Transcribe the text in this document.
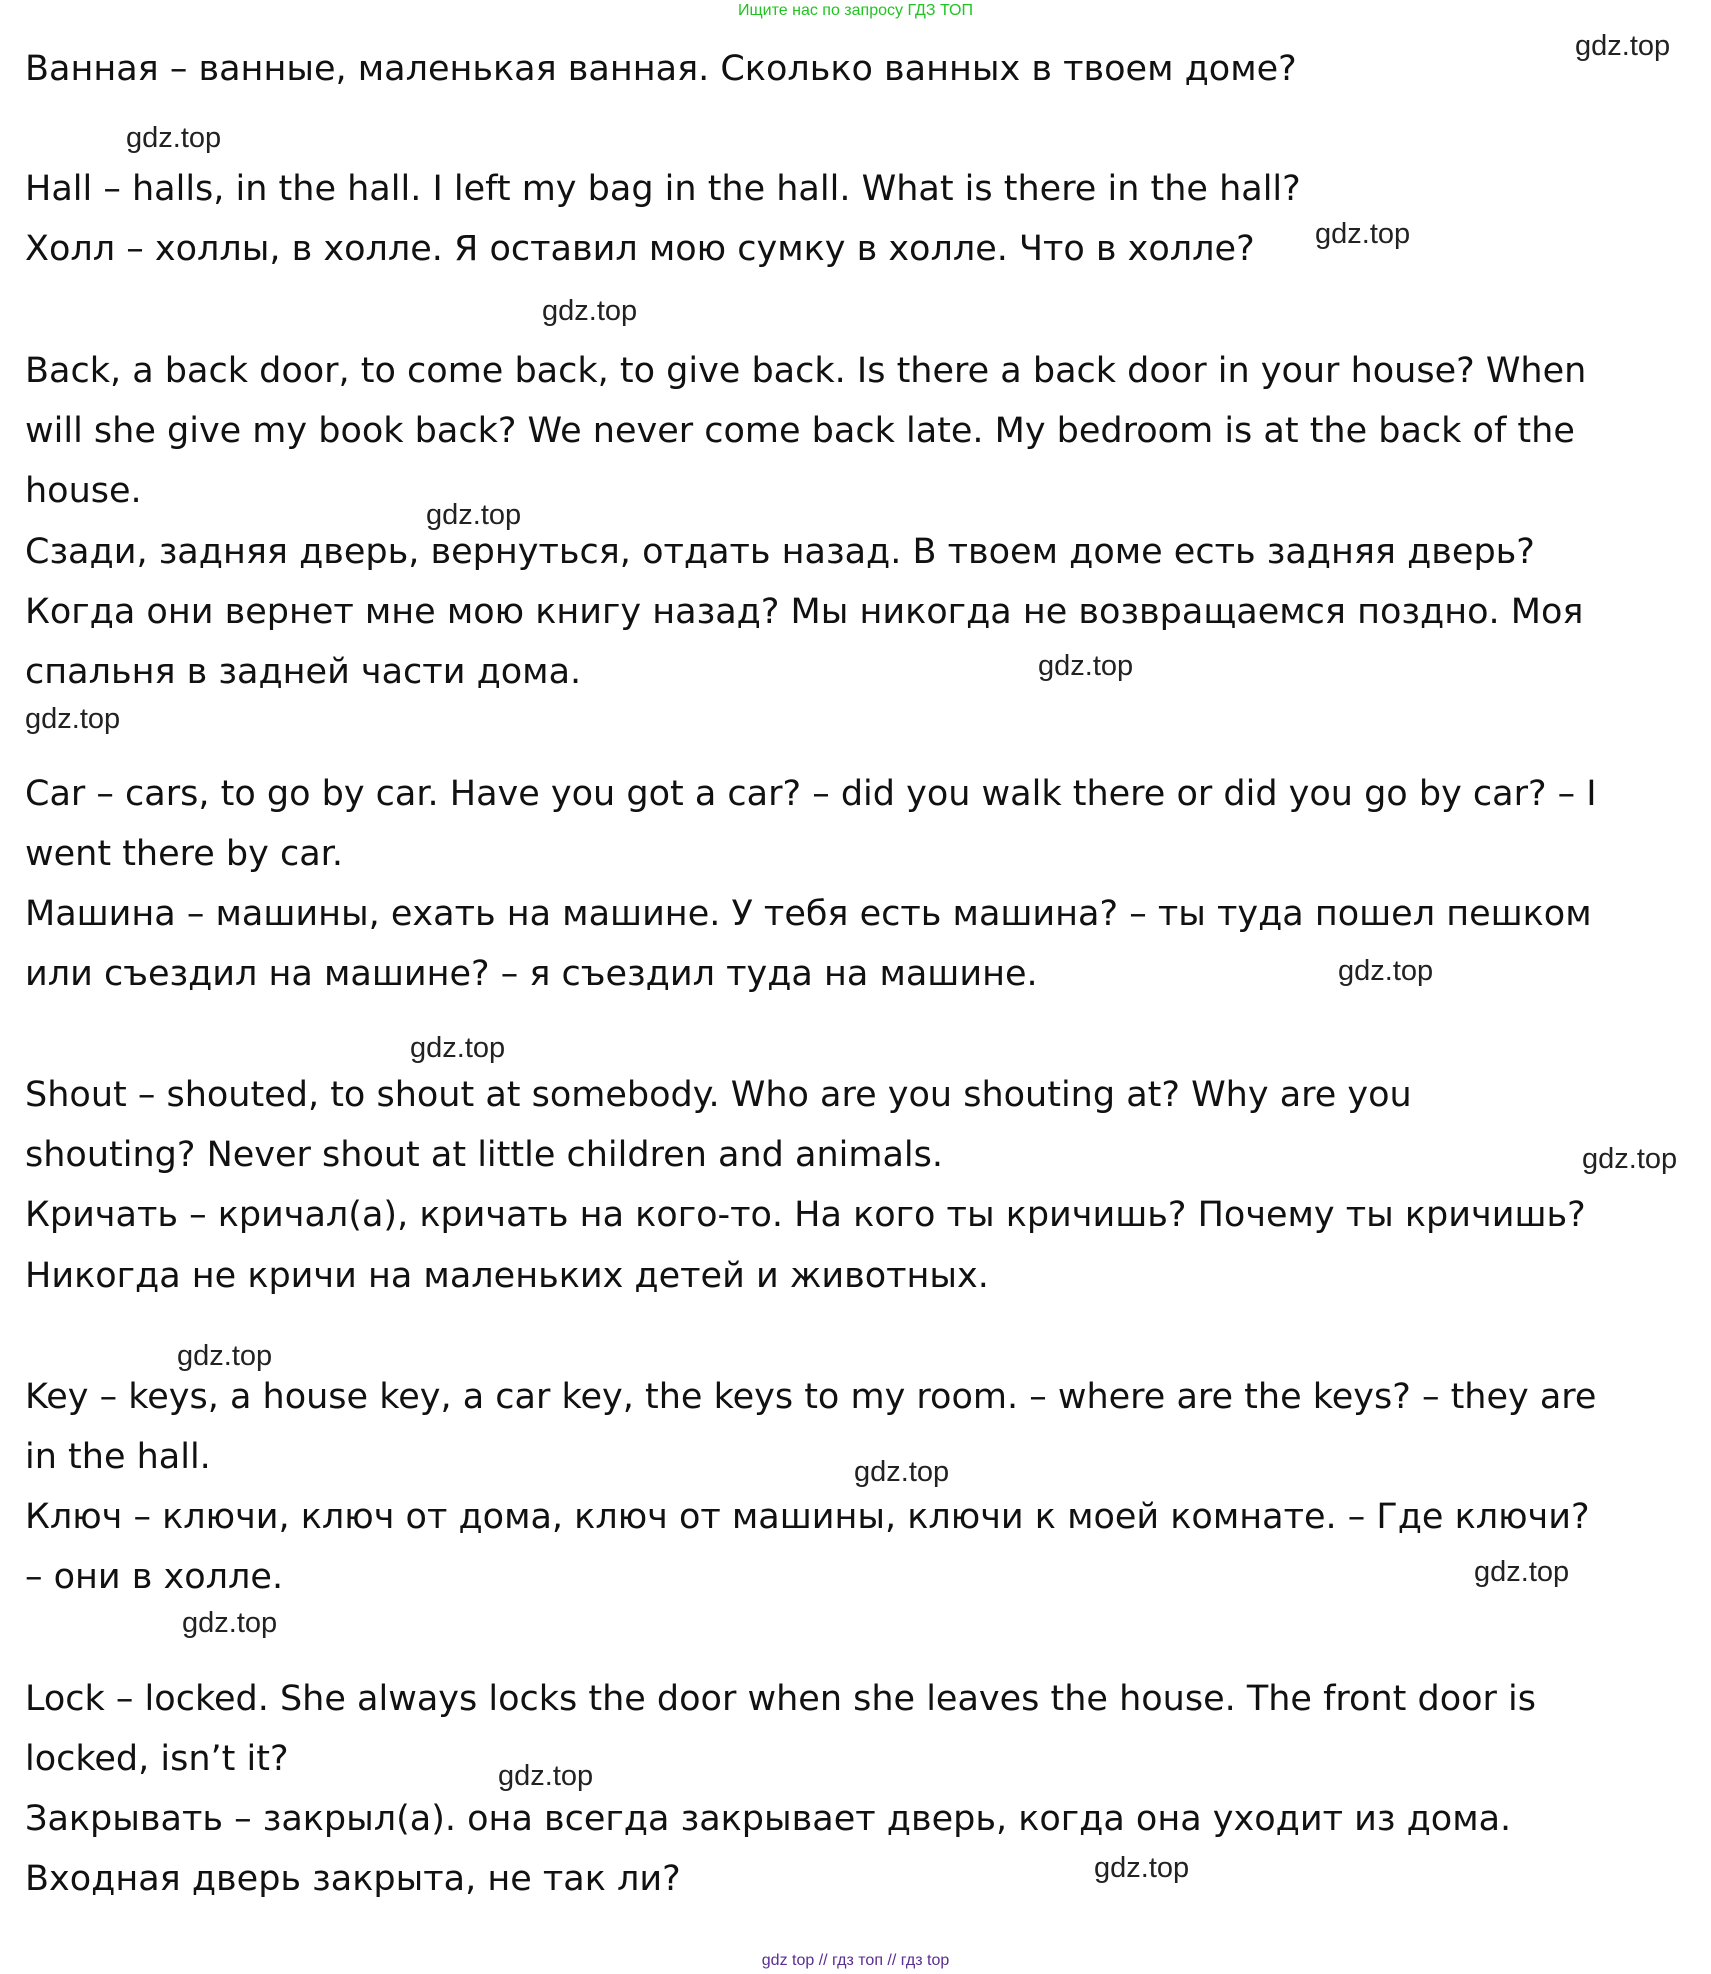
Ищите нас по запросу ГДЗ ТОП
Ванная – ванные, маленькая ванная. Сколько ванных в твоем доме?
Hall – halls, in the hall. I left my bag in the hall. What is there in the hall?
Холл – холлы, в холле. Я оставил мою сумку в холле. Что в холле?
Back, a back door, to come back, to give back. Is there a back door in your house? When
will she give my book back? We never come back late. My bedroom is at the back of the
house.
Сзади, задняя дверь, вернуться, отдать назад. В твоем доме есть задняя дверь?
Когда они вернет мне мою книгу назад? Мы никогда не возвращаемся поздно. Моя
спальня в задней части дома.
Car – cars, to go by car. Have you got a car? – did you walk there or did you go by car? – I
went there by car.
Машина – машины, ехать на машине. У тебя есть машина? – ты туда пошел пешком
или съездил на машине? – я съездил туда на машине.
Shout – shouted, to shout at somebody. Who are you shouting at? Why are you
shouting? Never shout at little children and animals.
Кричать – кричал(а), кричать на кого-то. На кого ты кричишь? Почему ты кричишь?
Никогда не кричи на маленьких детей и животных.
Key – keys, a house key, a car key, the keys to my room. – where are the keys? – they are
in the hall.
Ключ – ключи, ключ от дома, ключ от машины, ключи к моей комнате. – Где ключи?
– они в холле.
Lock – locked. She always locks the door when she leaves the house. The front door is
locked, isn’t it?
Закрывать – закрыл(а). она всегда закрывает дверь, когда она уходит из дома.
Входная дверь закрыта, не так ли?
gdz.top
gdz.top
gdz.top
gdz.top
gdz.top
gdz.top
gdz.top
gdz.top
gdz.top
gdz.top
gdz.top
gdz.top
gdz.top
gdz.top
gdz.top
gdz.top
gdz top // гдз топ // гдз top
